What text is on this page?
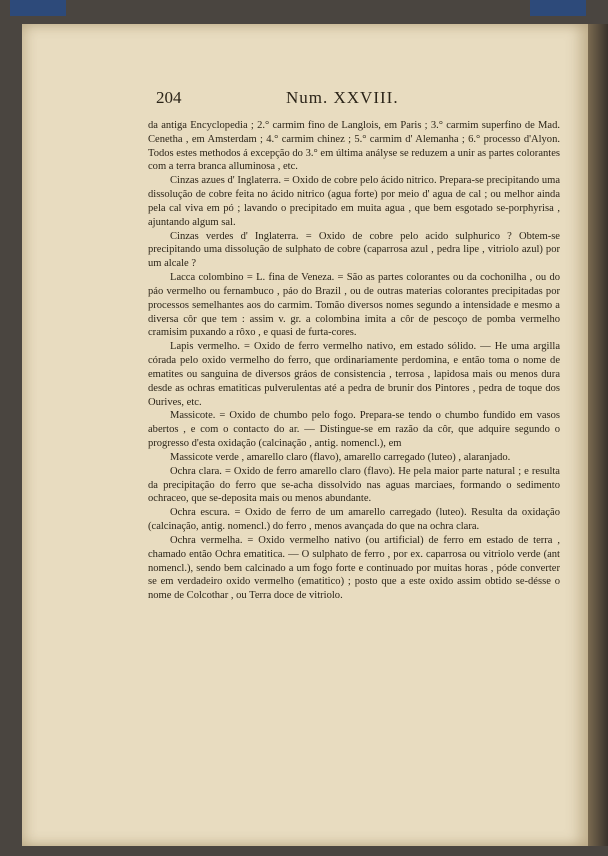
204	Num. XXVIII.

da antiga Encyclopedia ; 2.° carmim fino de Langlois, em Paris ; 3.° carmim superfino de Mad. Cenetha , em Amsterdam ; 4.° carmim chinez ; 5.° carmim d' Alemanha ; 6.° processo d'Alyon. Todos estes methodos á excepção do 3.° em última análysе se reduzem a unir as partes colorantes com a terra branca alluminosa , etc.

Cinzas azues d' Inglaterra. = Oxido de cobre pelo ácido nitrico. Prepara-se precipitando uma dissolução de cobre feita no ácido nitrico (agua forte) por meio d' agua de cal ; ou melhor ainda pela cal viva em pó ; lavando o precipitado em muita agua , que bem esgotado se-porphyrisa , ajuntando algum sal.

Cinzas verdes d' Inglaterra. = Oxido de cobre pelo acido sulphurico ? Obtem-se precipitando uma dissolução de sulphato de cobre (caparrosa azul , pedra lipe , vitriolo azul) por um alcale ?

Lacca colombino = L. fina de Veneza. = São as partes colorantes ou da cochonilha , ou do páo vermelho ou fernambuco , páo do Brazil , ou de outras materias colorantes precipitadas por processos semelhantes aos do carmim. Tomão diversos nomes segundo a intensidade e mesmo a diversa côr que tem : assim v. gr. a colombina imita a côr de pescoço de pomba vermelho cramisim puxando a rôxo , e quasi de furta-cores.

Lapis vermelho. = Oxido de ferro vermelho nativo, em estado sólido. — He uma argilla córada pelo oxido vermelho do ferro, que ordinariamente perdomina, e então toma o nome de ematites ou sanguina de diversos gráos de consistencia , terrosa , lapidosa mais ou menos dura desde as ochras ematiticas pulverulentas até a pedra de brunir dos Pintores , pedra de toque dos Ourives, etc.

Massicote. = Oxido de chumbo pelo fogo. Prepara-se tendo o chumbo fundido em vasos abertos , e com o contacto do ar. — Distingue-se em razão da côr, que adquire segundo o progresso d'esta oxidação (calcinação , antig. nomencl.), em

Massicote verde , amarello claro (flavo), amarello carregado (luteo) , alaranjado.

Ochra clara. = Oxido de ferro amarello claro (flavo). He pela maior parte natural ; e resulta da precipitação do ferro que se-acha dissolvido nas aguas marciaes, formando o sedimento ochraceo, que se-deposita mais ou menos abundante.

Ochra escura. = Oxido de ferro de um amarello carregado (luteo). Resulta da oxidação (calcinação, antig. nomencl.) do ferro , menos avançada do que na ochra clara.

Ochra vermelha. = Oxido vermelho nativo (ou artificial) de ferro em estado de terra , chamado então Ochra ematitica. — O sulphato de ferro , por ex. caparrosa ou vitriolo verde (ant nomencl.), sendo bem calcinado a um fogo forte e continuado por muitas horas , póde converter se em verdadeiro oxido vermelho (ematitico) ; posto que a este oxido assim obtido se-désse o nome de Colcothar , ou Terra doce de vitriolo.
